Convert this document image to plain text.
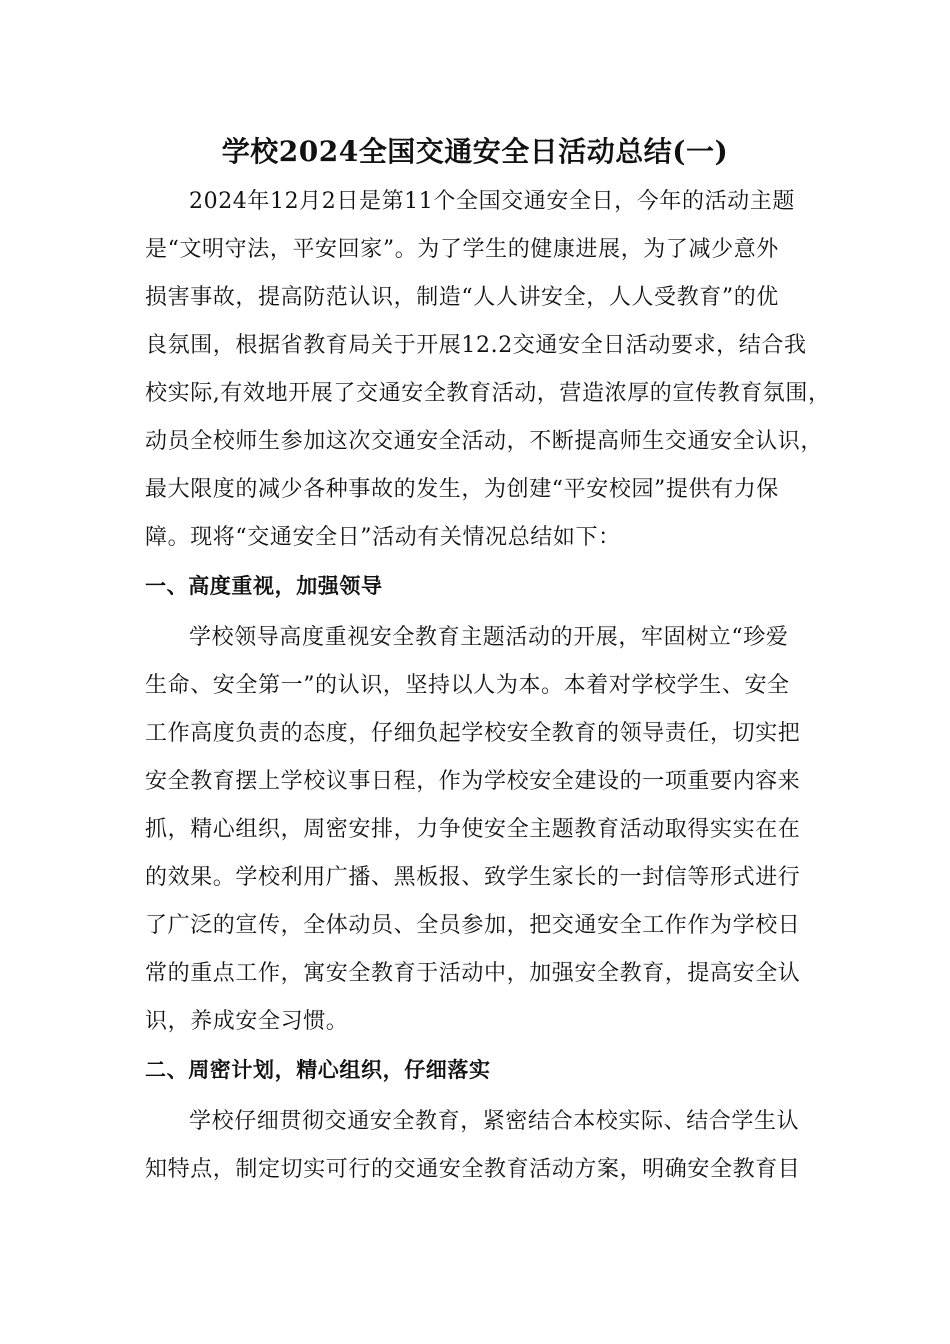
学校2024全国交通安全日活动总结(一)
2024年12月2日是第11个全国交通安全日，今年的活动主题
是“文明守法，平安回家”。为了学生的健康进展，为了减少意外
损害事故，提高防范认识，制造“人人讲安全，人人受教育”的优
良氛围，根据省教育局关于开展12.2交通安全日活动要求，结合我
校实际,有效地开展了交通安全教育活动，营造浓厚的宣传教育氛围，
动员全校师生参加这次交通安全活动，不断提高师生交通安全认识，
最大限度的减少各种事故的发生，为创建“平安校园”提供有力保
障。现将“交通安全日”活动有关情况总结如下：
一、高度重视，加强领导
学校领导高度重视安全教育主题活动的开展，牢固树立“珍爱
生命、安全第一”的认识，坚持以人为本。本着对学校学生、安全
工作高度负责的态度，仔细负起学校安全教育的领导责任，切实把
安全教育摆上学校议事日程，作为学校安全建设的一项重要内容来
抓，精心组织，周密安排，力争使安全主题教育活动取得实实在在
的效果。学校利用广播、黑板报、致学生家长的一封信等形式进行
了广泛的宣传，全体动员、全员参加，把交通安全工作作为学校日
常的重点工作，寓安全教育于活动中，加强安全教育，提高安全认
识，养成安全习惯。
二、周密计划，精心组织，仔细落实
学校仔细贯彻交通安全教育，紧密结合本校实际、结合学生认
知特点，制定切实可行的交通安全教育活动方案，明确安全教育目
